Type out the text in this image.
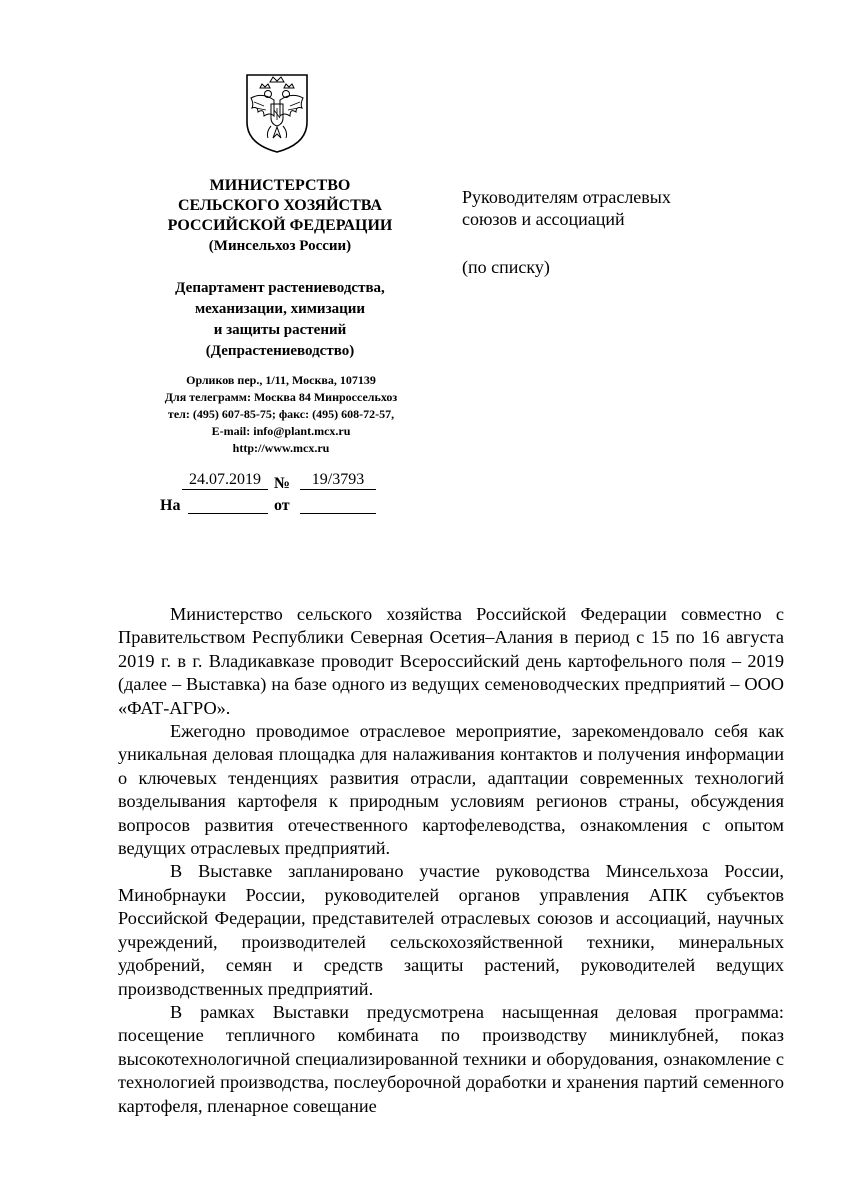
МИНИСТЕРСТВО
СЕЛЬСКОГО ХОЗЯЙСТВА
РОССИЙСКОЙ ФЕДЕРАЦИИ
(Минсельхоз России)
Департамент растениеводства,
механизации, химизации
и защиты растений
(Депрастениеводство)
Орликов пер., 1/11, Москва, 107139
Для телеграмм: Москва 84 Минроссельхоз
тел: (495) 607-85-75; факс: (495) 608-72-57,
E-mail: info@plant.mcx.ru
http://www.mcx.ru
24.07.2019 №	19/3793
На	от
Руководителям отраслевых
союзов и ассоциаций
(по списку)

Министерство сельского хозяйства Российской Федерации совместно с Правительством Республики Северная Осетия–Алания в период с 15 по 16 августа 2019 г. в г. Владикавказе проводит Всероссийский день картофельного поля – 2019 (далее – Выставка) на базе одного из ведущих семеноводческих предприятий – ООО «ФАТ-АГРО».

Ежегодно проводимое отраслевое мероприятие, зарекомендовало себя как уникальная деловая площадка для налаживания контактов и получения информации о ключевых тенденциях развития отрасли, адаптации современных технологий возделывания картофеля к природным условиям регионов страны, обсуждения вопросов развития отечественного картофелеводства, ознакомления с опытом ведущих отраслевых предприятий.

В Выставке запланировано участие руководства Минсельхоза России, Минобрнауки России, руководителей органов управления АПК субъектов Российской Федерации, представителей отраслевых союзов и ассоциаций, научных учреждений, производителей сельскохозяйственной техники, минеральных удобрений, семян и средств защиты растений, руководителей ведущих производственных предприятий.

В рамках Выставки предусмотрена насыщенная деловая программа: посещение тепличного комбината по производству миниклубней, показ высокотехнологичной специализированной техники и оборудования, ознакомление с технологией производства, послеуборочной доработки и хранения партий семенного картофеля, пленарное совещание
